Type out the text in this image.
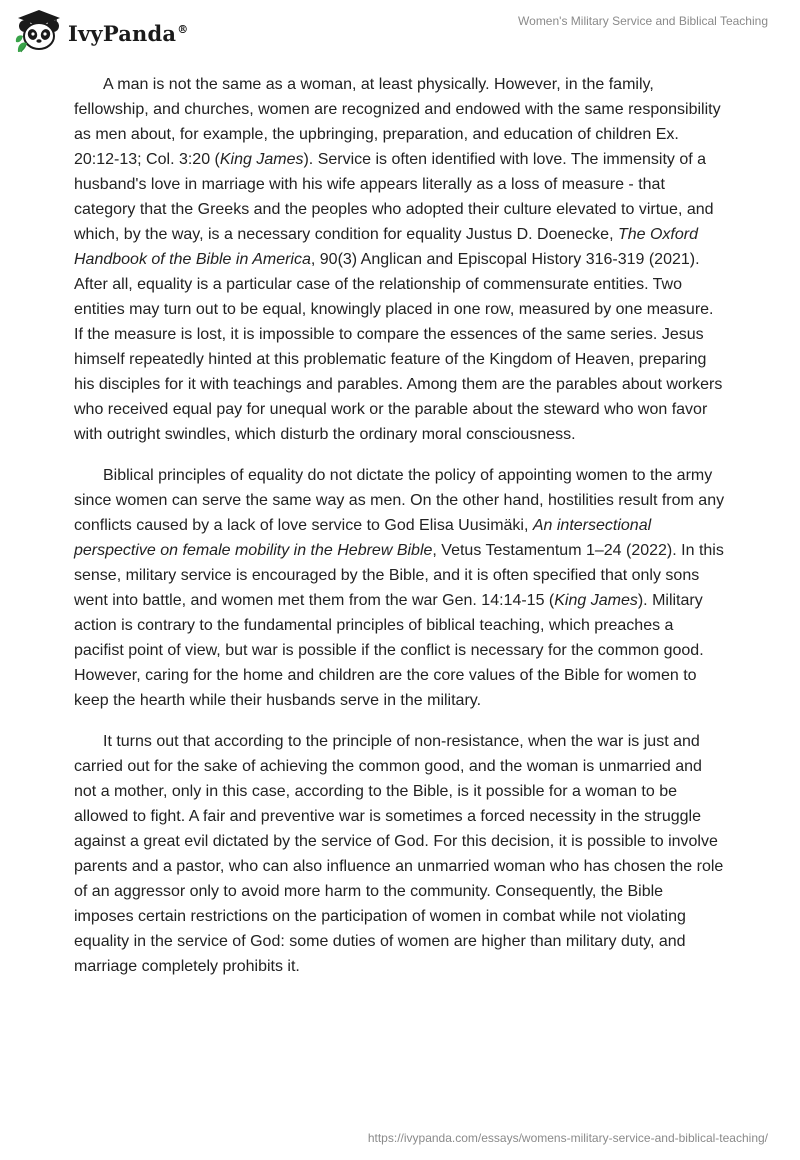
IvyPanda®
Women's Military Service and Biblical Teaching

A man is not the same as a woman, at least physically. However, in the family, fellowship, and churches, women are recognized and endowed with the same responsibility as men about, for example, the upbringing, preparation, and education of children Ex. 20:12-13; Col. 3:20 (King James). Service is often identified with love. The immensity of a husband's love in marriage with his wife appears literally as a loss of measure - that category that the Greeks and the peoples who adopted their culture elevated to virtue, and which, by the way, is a necessary condition for equality Justus D. Doenecke, The Oxford Handbook of the Bible in America, 90(3) Anglican and Episcopal History 316-319 (2021). After all, equality is a particular case of the relationship of commensurate entities. Two entities may turn out to be equal, knowingly placed in one row, measured by one measure. If the measure is lost, it is impossible to compare the essences of the same series. Jesus himself repeatedly hinted at this problematic feature of the Kingdom of Heaven, preparing his disciples for it with teachings and parables. Among them are the parables about workers who received equal pay for unequal work or the parable about the steward who won favor with outright swindles, which disturb the ordinary moral consciousness.

Biblical principles of equality do not dictate the policy of appointing women to the army since women can serve the same way as men. On the other hand, hostilities result from any conflicts caused by a lack of love service to God Elisa Uusimäki, An intersectional perspective on female mobility in the Hebrew Bible, Vetus Testamentum 1–24 (2022). In this sense, military service is encouraged by the Bible, and it is often specified that only sons went into battle, and women met them from the war Gen. 14:14-15 (King James). Military action is contrary to the fundamental principles of biblical teaching, which preaches a pacifist point of view, but war is possible if the conflict is necessary for the common good. However, caring for the home and children are the core values of the Bible for women to keep the hearth while their husbands serve in the military.

It turns out that according to the principle of non-resistance, when the war is just and carried out for the sake of achieving the common good, and the woman is unmarried and not a mother, only in this case, according to the Bible, is it possible for a woman to be allowed to fight. A fair and preventive war is sometimes a forced necessity in the struggle against a great evil dictated by the service of God. For this decision, it is possible to involve parents and a pastor, who can also influence an unmarried woman who has chosen the role of an aggressor only to avoid more harm to the community. Consequently, the Bible imposes certain restrictions on the participation of women in combat while not violating equality in the service of God: some duties of women are higher than military duty, and marriage completely prohibits it.

https://ivypanda.com/essays/womens-military-service-and-biblical-teaching/
